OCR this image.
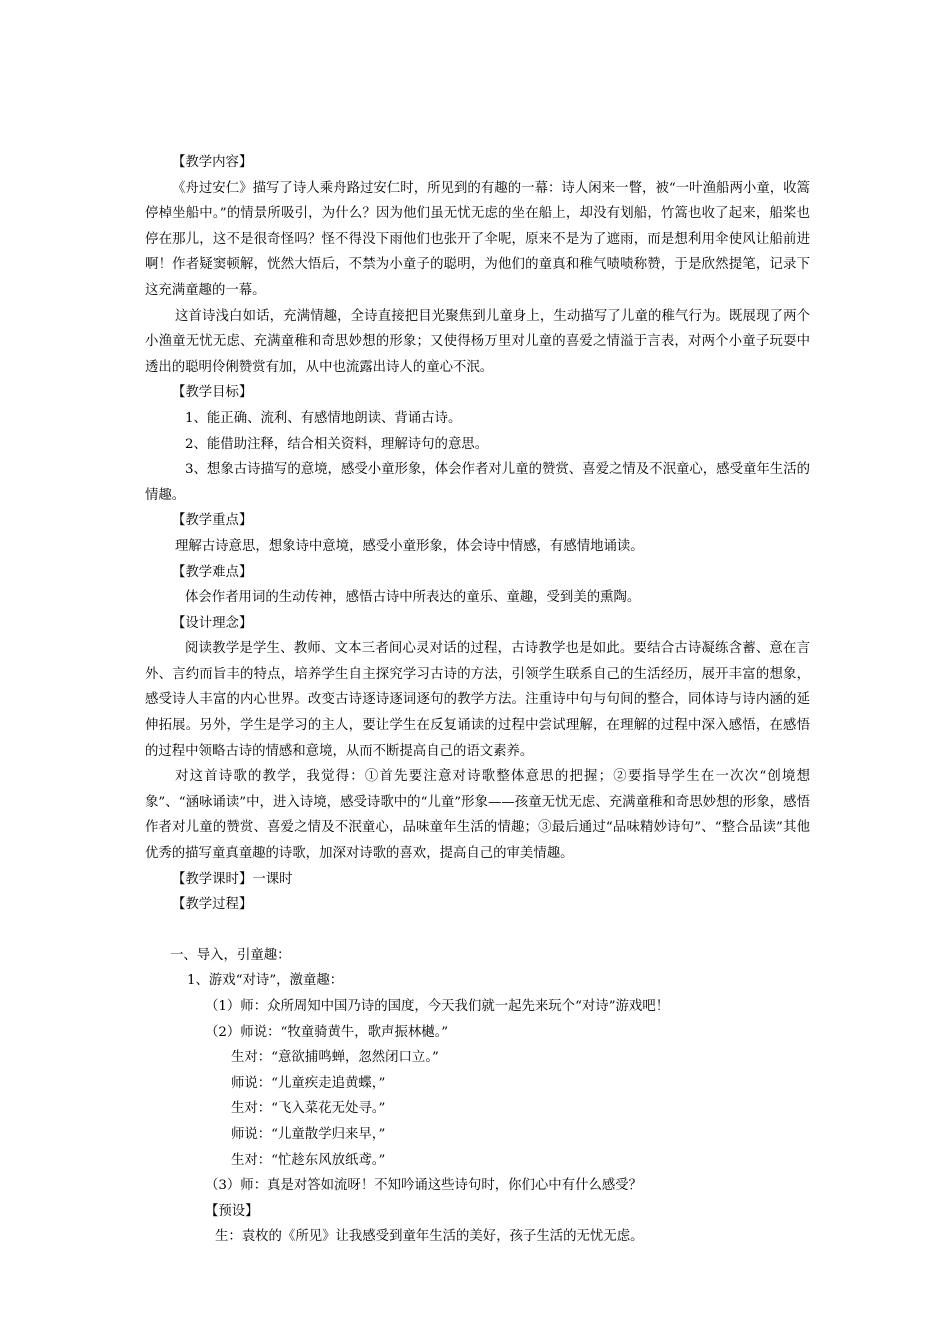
【教学内容】

《舟过安仁》描写了诗人乘舟路过安仁时，所见到的有趣的一幕：诗人闲来一瞥，被“一叶渔船两小童，收篙停棹坐船中。”的情景所吸引，为什么？因为他们虽无忧无虑的坐在船上，却没有划船，竹篙也收了起来，船桨也停在那儿，这不是很奇怪吗？怪不得没下雨他们也张开了伞呢，原来不是为了遮雨，而是想利用伞使风让船前进啊！作者疑窦顿解，恍然大悟后，不禁为小童子的聪明，为他们的童真和稚气啧啧称赞，于是欣然提笔，记录下这充满童趣的一幕。

这首诗浅白如话，充满情趣，全诗直接把目光聚焦到儿童身上，生动描写了儿童的稚气行为。既展现了两个小渔童无忧无虑、充满童稚和奇思妙想的形象；又使得杨万里对儿童的喜爱之情溢于言表，对两个小童子玩耍中透出的聪明伶俐赞赏有加，从中也流露出诗人的童心不泯。

【教学目标】

1、能正确、流利、有感情地朗读、背诵古诗。

2、能借助注释，结合相关资料，理解诗句的意思。

3、想象古诗描写的意境，感受小童形象，体会作者对儿童的赞赏、喜爱之情及不泯童心，感受童年生活的情趣。

【教学重点】

理解古诗意思，想象诗中意境，感受小童形象，体会诗中情感，有感情地诵读。

【教学难点】

体会作者用词的生动传神，感悟古诗中所表达的童乐、童趣，受到美的熏陶。

【设计理念】

阅读教学是学生、教师、文本三者间心灵对话的过程，古诗教学也是如此。要结合古诗凝练含蓄、意在言外、言约而旨丰的特点，培养学生自主探究学习古诗的方法，引领学生联系自己的生活经历，展开丰富的想象，感受诗人丰富的内心世界。改变古诗逐诗逐词逐句的教学方法。注重诗中句与句间的整合，同体诗与诗内涵的延伸拓展。另外，学生是学习的主人，要让学生在反复诵读的过程中尝试理解，在理解的过程中深入感悟，在感悟的过程中领略古诗的情感和意境，从而不断提高自己的语文素养。

对这首诗歌的教学，我觉得：①首先要注意对诗歌整体意思的把握；②要指导学生在一次次“创境想象”、“涵咏诵读”中，进入诗境，感受诗歌中的“儿童”形象——孩童无忧无虑、充满童稚和奇思妙想的形象，感悟作者对儿童的赞赏、喜爱之情及不泯童心，品味童年生活的情趣；③最后通过“品味精妙诗句”、“整合品读”其他优秀的描写童真童趣的诗歌，加深对诗歌的喜欢，提高自己的审美情趣。

【教学课时】一课时

【教学过程】

一、导入，引童趣：

1、游戏“对诗”，激童趣：

（1）师：众所周知中国乃诗的国度，今天我们就一起先来玩个“对诗”游戏吧！

（2）师说：“牧童骑黄牛，歌声振林樾。”

生对：“意欲捕鸣蝉，忽然闭口立。”

师说：“儿童疾走追黄蝶，”

生对：“飞入菜花无处寻。”

师说：“儿童散学归来早，”

生对：“忙趁东风放纸鸢。”

（3）师：真是对答如流呀！不知吟诵这些诗句时，你们心中有什么感受？

【预设】

生：袁枚的《所见》让我感受到童年生活的美好，孩子生活的无忧无虑。
